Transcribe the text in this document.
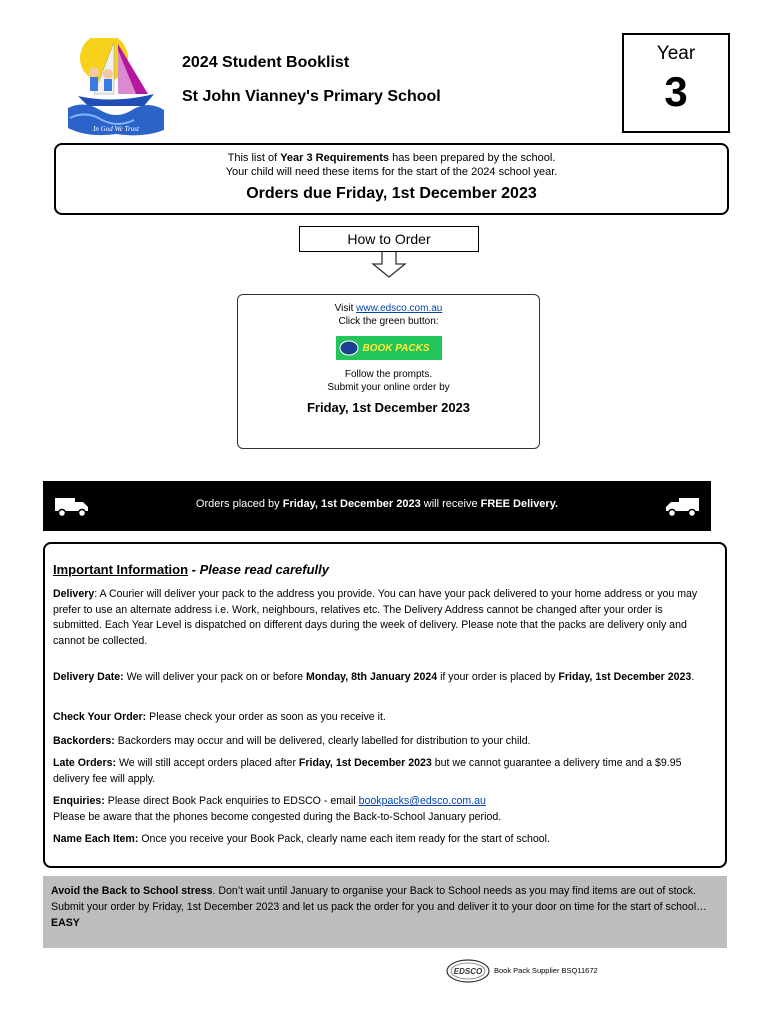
In God We Trust
2024 Student Booklist
St John Vianney's Primary School
Year
3
This list of Year 3 Requirements has been prepared by the school.
Your child will need these items for the start of the 2024 school year.
Orders due Friday, 1st December 2023
How to Order
Visit www.edsco.com.au
Click the green button:
BOOK PACKS
Follow the prompts.
Submit your online order by
Friday, 1st December 2023
Orders placed by Friday, 1st December 2023 will receive FREE Delivery.
Important Information - Please read carefully
Delivery: A Courier will deliver your pack to the address you provide. You can have your pack delivered to your home address or you may prefer to use an alternate address i.e. Work, neighbours, relatives etc. The Delivery Address cannot be changed after your order is submitted. Each Year Level is dispatched on different days during the week of delivery. Please note that the packs are delivery only and cannot be collected.
Delivery Date: We will deliver your pack on or before Monday, 8th January 2024 if your order is placed by Friday, 1st December 2023.
Check Your Order: Please check your order as soon as you receive it.
Backorders: Backorders may occur and will be delivered, clearly labelled for distribution to your child.
Late Orders: We will still accept orders placed after Friday, 1st December 2023 but we cannot guarantee a delivery time and a $9.95 delivery fee will apply.
Enquiries: Please direct Book Pack enquiries to EDSCO - email bookpacks@edsco.com.au
Please be aware that the phones become congested during the Back-to-School January period.
Name Each Item: Once you receive your Book Pack, clearly name each item ready for the start of school.
Avoid the Back to School stress. Don’t wait until January to organise your Back to School needs as you may find items are out of stock. Submit your order by Friday, 1st December 2023 and let us pack the order for you and deliver it to your door on time for the start of school… EASY
EDSCO Book Pack Supplier BSQ11672
